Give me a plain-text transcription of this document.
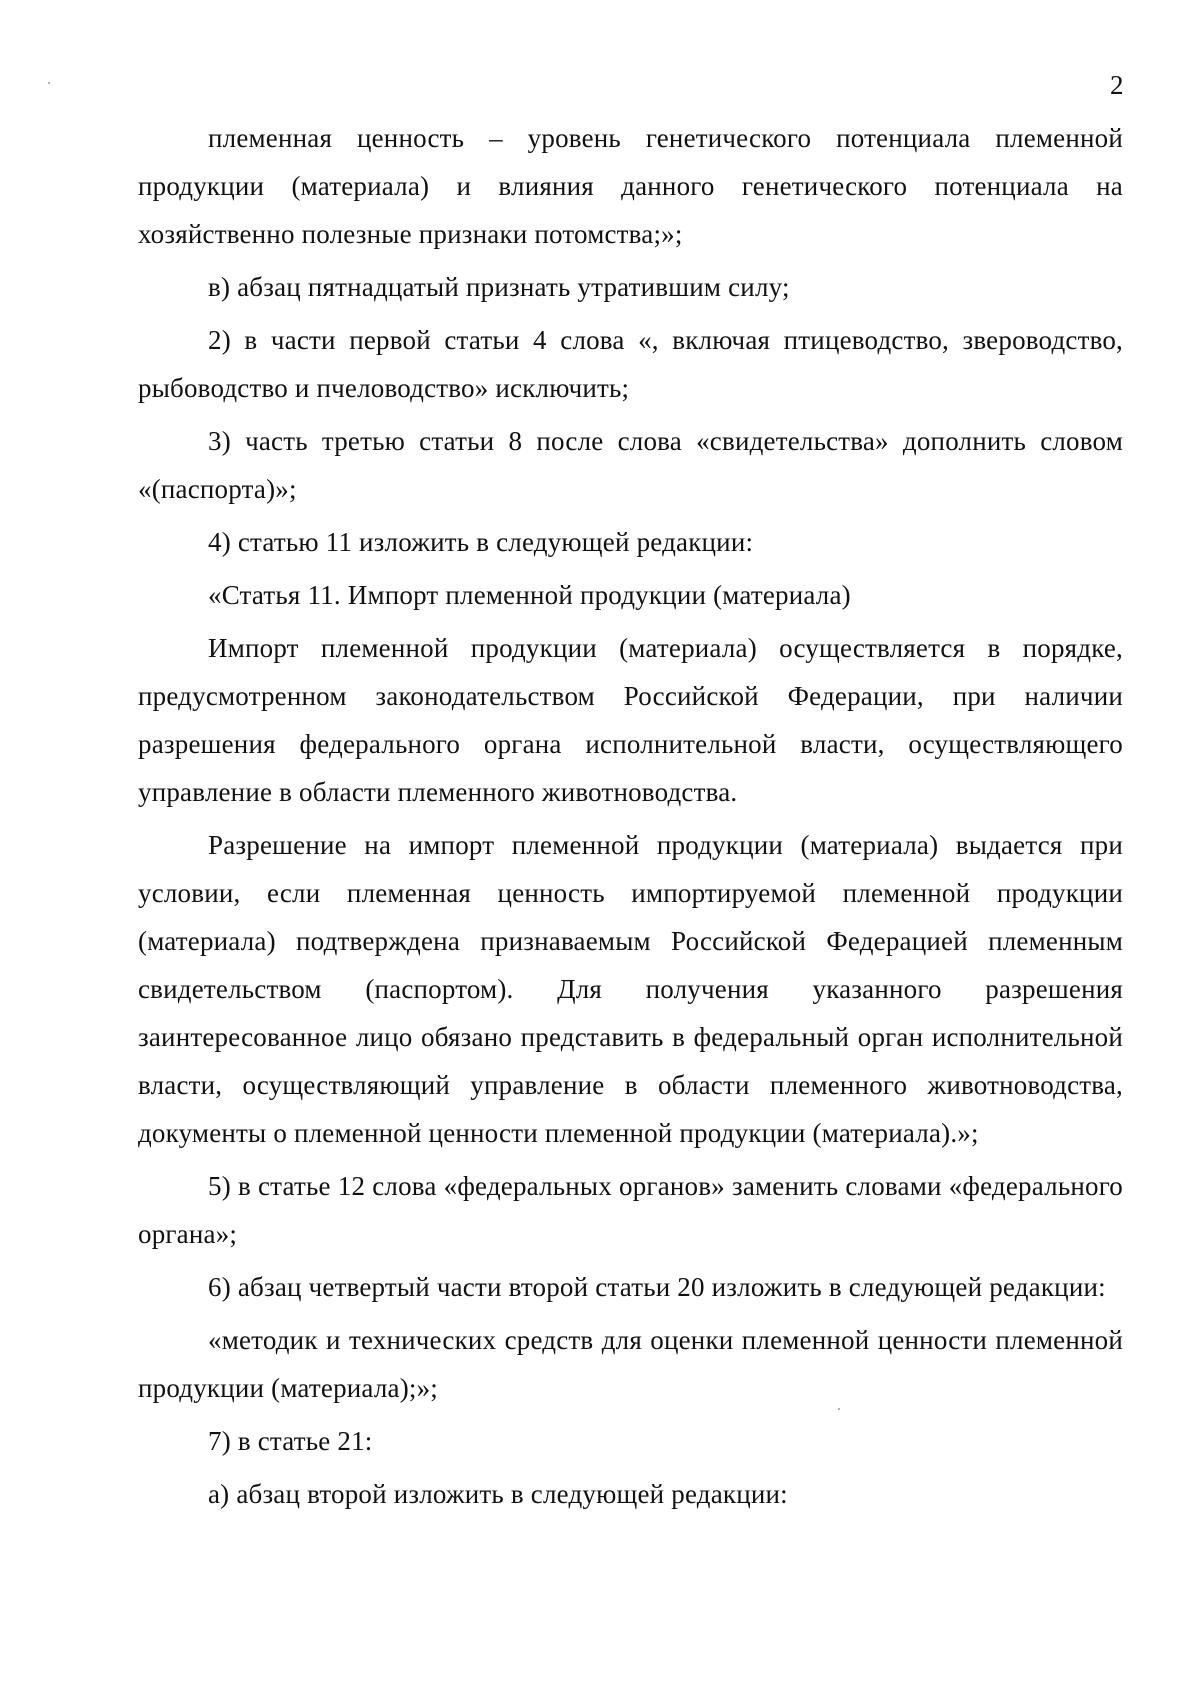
2

племенная ценность – уровень генетического потенциала племенной продукции (материала) и влияния данного генетического потенциала на хозяйственно полезные признаки потомства;»;

в) абзац пятнадцатый признать утратившим силу;

2) в части первой статьи 4 слова «, включая птицеводство, звероводство, рыбоводство и пчеловодство» исключить;

3) часть третью статьи 8 после слова «свидетельства» дополнить словом «(паспорта)»;

4) статью 11 изложить в следующей редакции:

«Статья 11. Импорт племенной продукции (материала)

Импорт племенной продукции (материала) осуществляется в порядке, предусмотренном законодательством Российской Федерации, при наличии разрешения федерального органа исполнительной власти, осуществляющего управление в области племенного животноводства.

Разрешение на импорт племенной продукции (материала) выдается при условии, если племенная ценность импортируемой племенной продукции (материала) подтверждена признаваемым Российской Федерацией племенным свидетельством (паспортом). Для получения указанного разрешения заинтересованное лицо обязано представить в федеральный орган исполнительной власти, осуществляющий управление в области племенного животноводства, документы о племенной ценности племенной продукции (материала).»;

5) в статье 12 слова «федеральных органов» заменить словами «федерального органа»;

6) абзац четвертый части второй статьи 20 изложить в следующей редакции:

«методик и технических средств для оценки племенной ценности племенной продукции (материала);»;

7) в статье 21:

а) абзац второй изложить в следующей редакции:
